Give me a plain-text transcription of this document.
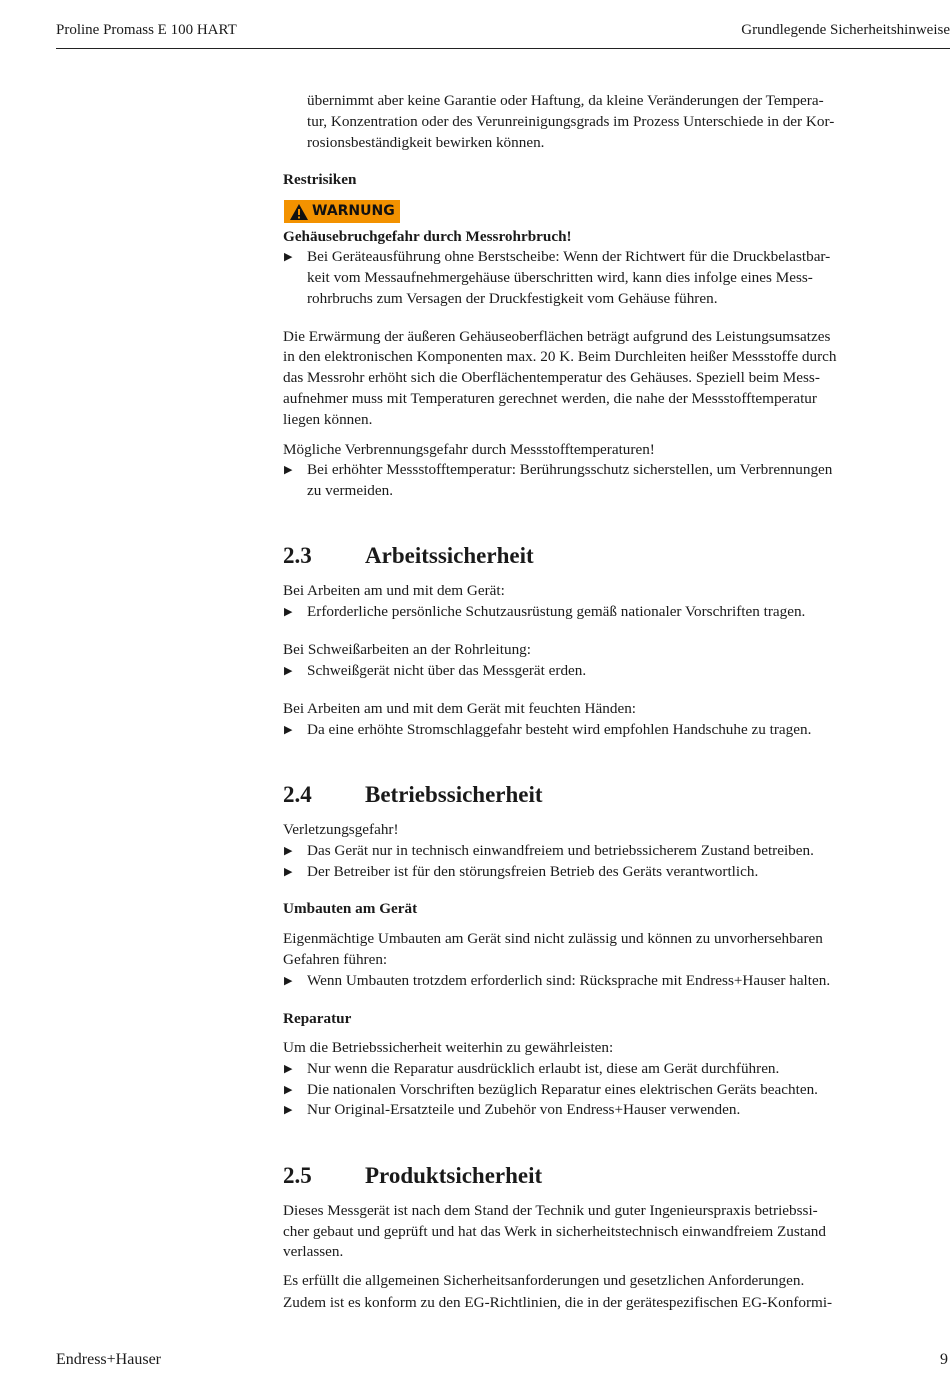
Proline Promass E 100 HART	Grundlegende Sicherheitshinweise
WARNUNG
übernimmt aber keine Garantie oder Haftung, da kleine Veränderungen der Tempera-
tur, Konzentration oder des Verunreinigungsgrads im Prozess Unterschiede in der Kor-
rosionsbeständigkeit bewirken können.
Restrisiken
Gehäusebruchgefahr durch Messrohrbruch!
Bei Geräteausführung ohne Berstscheibe: Wenn der Richtwert für die Druckbelastbar-
▶
keit vom Messaufnehmergehäuse überschritten wird, kann dies infolge eines Mess-
rohrbruchs zum Versagen der Druckfestigkeit vom Gehäuse führen.
Die Erwärmung der äußeren Gehäuseoberflächen beträgt aufgrund des Leistungsumsatzes
in den elektronischen Komponenten max. 20 K. Beim Durchleiten heißer Messstoffe durch
das Messrohr erhöht sich die Oberflächentemperatur des Gehäuses. Speziell beim Mess-
aufnehmer muss mit Temperaturen gerechnet werden, die nahe der Messstofftemperatur
liegen können.
Mögliche Verbrennungsgefahr durch Messstofftemperaturen!
Bei erhöhter Messstofftemperatur: Berührungsschutz sicherstellen, um Verbrennungen
▶
zu vermeiden.
2.3 Arbeitssicherheit
Bei Arbeiten am und mit dem Gerät:
Erforderliche persönliche Schutzausrüstung gemäß nationaler Vorschriften tragen.
▶
Bei Schweißarbeiten an der Rohrleitung:
Schweißgerät nicht über das Messgerät erden.
▶
Bei Arbeiten am und mit dem Gerät mit feuchten Händen:
Da eine erhöhte Stromschlaggefahr besteht wird empfohlen Handschuhe zu tragen.
▶
2.4 Betriebssicherheit
Verletzungsgefahr!
Das Gerät nur in technisch einwandfreiem und betriebssicherem Zustand betreiben.
▶
Der Betreiber ist für den störungsfreien Betrieb des Geräts verantwortlich.
▶
Umbauten am Gerät
Eigenmächtige Umbauten am Gerät sind nicht zulässig und können zu unvorhersehbaren
Gefahren führen:
Wenn Umbauten trotzdem erforderlich sind: Rücksprache mit Endress+Hauser halten.
▶
Reparatur
Um die Betriebssicherheit weiterhin zu gewährleisten:
Nur wenn die Reparatur ausdrücklich erlaubt ist, diese am Gerät durchführen.
▶
Die nationalen Vorschriften bezüglich Reparatur eines elektrischen Geräts beachten.
▶
Nur Original-Ersatzteile und Zubehör von Endress+Hauser verwenden.
▶
2.5 Produktsicherheit
Dieses Messgerät ist nach dem Stand der Technik und guter Ingenieurspraxis betriebssi-
cher gebaut und geprüft und hat das Werk in sicherheitstechnisch einwandfreiem Zustand
verlassen.
Es erfüllt die allgemeinen Sicherheitsanforderungen und gesetzlichen Anforderungen.
Zudem ist es konform zu den EG-Richtlinien, die in der gerätespezifischen EG-Konformi-
Endress+Hauser	9
